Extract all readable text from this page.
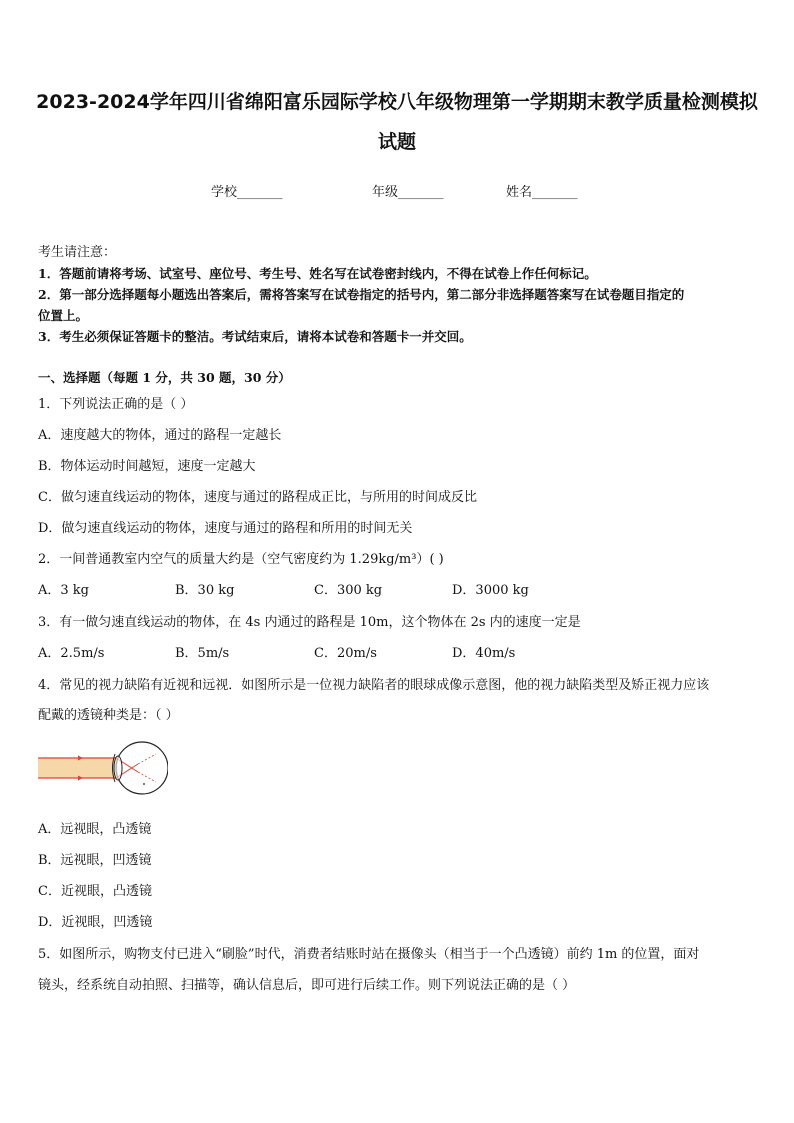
2023-2024学年四川省绵阳富乐园际学校八年级物理第一学期期末教学质量检测模拟
试题
学校_______	年级_______	姓名_______
考生请注意：
1．答题前请将考场、试室号、座位号、考生号、姓名写在试卷密封线内，不得在试卷上作任何标记。
2．第一部分选择题每小题选出答案后，需将答案写在试卷指定的括号内，第二部分非选择题答案写在试卷题目指定的
位置上。
3．考生必须保证答题卡的整洁。考试结束后，请将本试卷和答题卡一并交回。
一、选择题（每题 1 分，共 30 题，30 分）
1．下列说法正确的是（ ）
A．速度越大的物体，通过的路程一定越长
B．物体运动时间越短，速度一定越大
C．做匀速直线运动的物体，速度与通过的路程成正比，与所用的时间成反比
D．做匀速直线运动的物体，速度与通过的路程和所用的时间无关
2．一间普通教室内空气的质量大约是（空气密度约为 1.29kg/m³）( )
A．3 kg	B．30 kg	C．300 kg	D．3000 kg
3．有一做匀速直线运动的物体，在 4s 内通过的路程是 10m，这个物体在 2s 内的速度一定是
A．2.5m/s	B．5m/s	C．20m/s	D．40m/s
4．常见的视力缺陷有近视和远视．如图所示是一位视力缺陷者的眼球成像示意图，他的视力缺陷类型及矫正视力应该
配戴的透镜种类是：（ ）
A．远视眼，凸透镜
B．远视眼，凹透镜
C．近视眼，凸透镜
D．近视眼，凹透镜
5．如图所示，购物支付已进入“刷脸”时代，消费者结账时站在摄像头（相当于一个凸透镜）前约 1m 的位置，面对
镜头，经系统自动拍照、扫描等，确认信息后，即可进行后续工作。则下列说法正确的是（ ）
